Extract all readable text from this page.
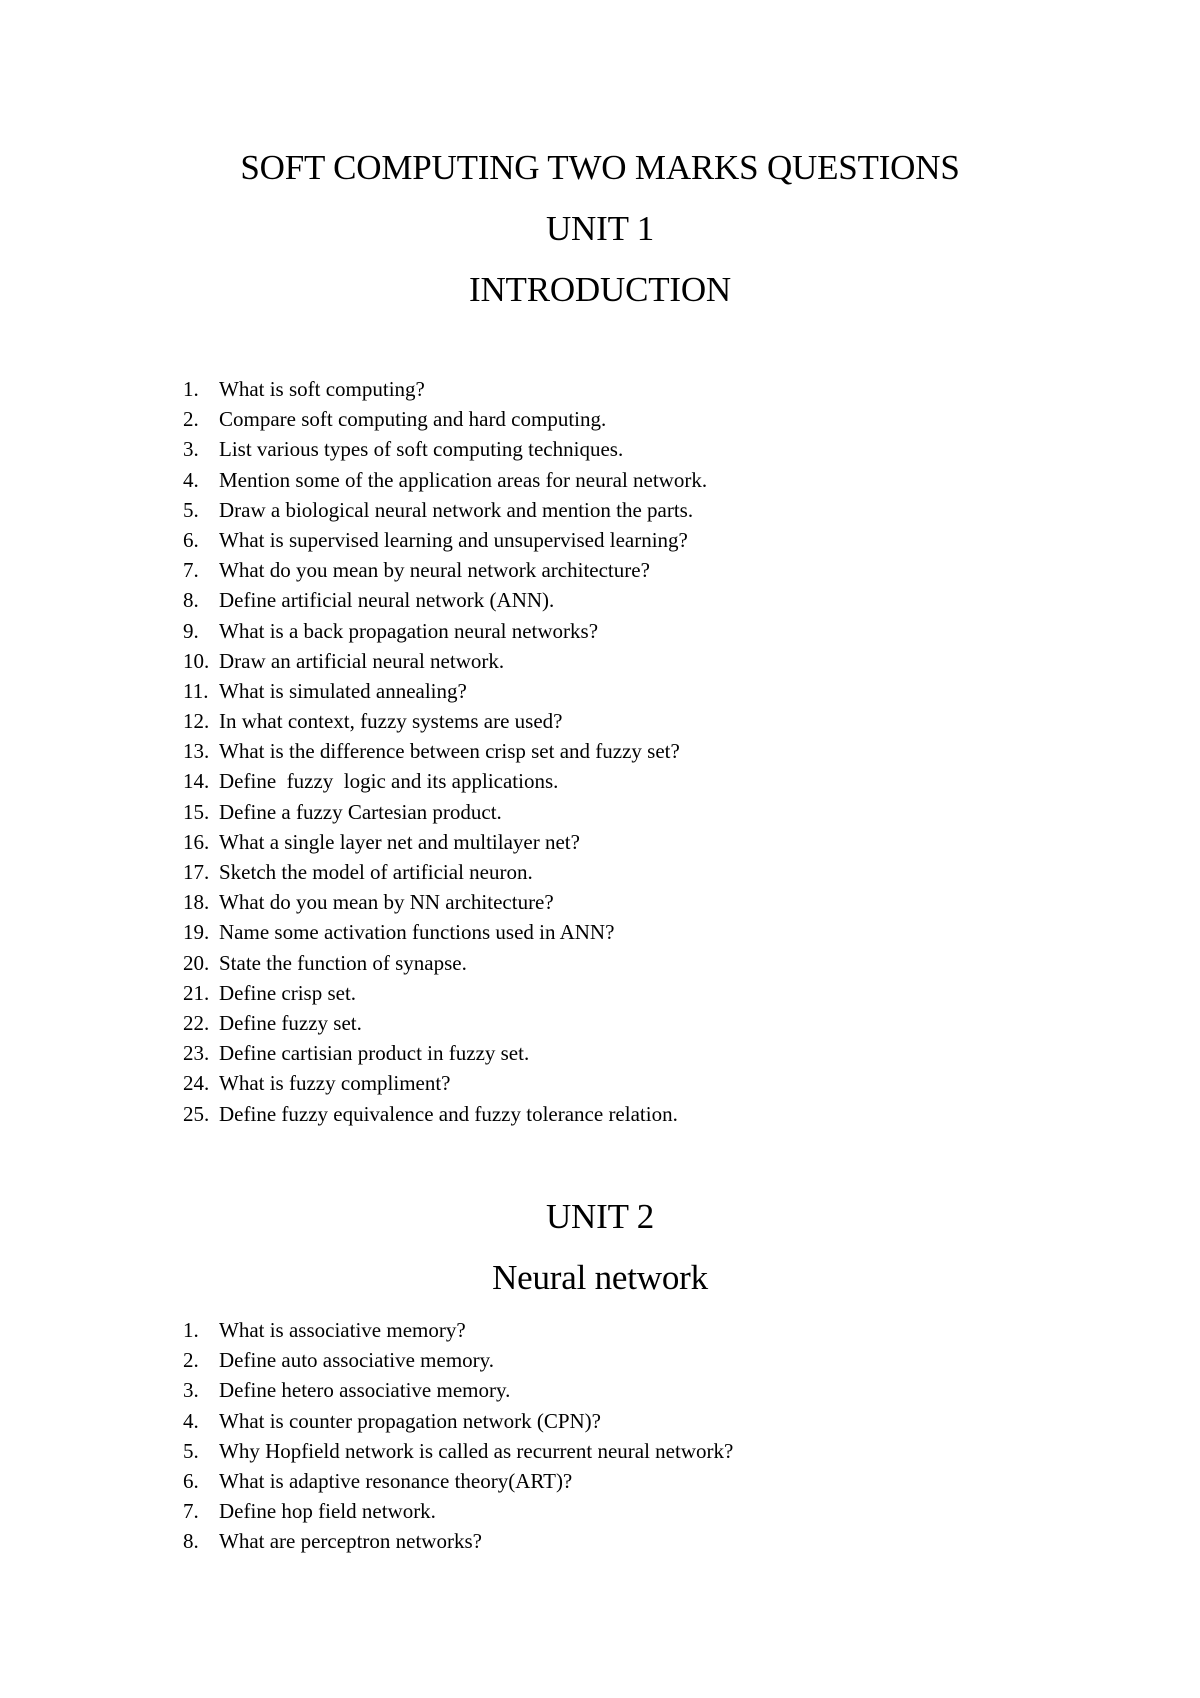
SOFT COMPUTING TWO MARKS QUESTIONS
UNIT 1
INTRODUCTION
1. What is soft computing?
2. Compare soft computing and hard computing.
3. List various types of soft computing techniques.
4. Mention some of the application areas for neural network.
5. Draw a biological neural network and mention the parts.
6. What is supervised learning and unsupervised learning?
7. What do you mean by neural network architecture?
8. Define artificial neural network (ANN).
9. What is a back propagation neural networks?
10. Draw an artificial neural network.
11. What is simulated annealing?
12. In what context, fuzzy systems are used?
13. What is the difference between crisp set and fuzzy set?
14. Define  fuzzy  logic and its applications.
15. Define a fuzzy Cartesian product.
16. What a single layer net and multilayer net?
17. Sketch the model of artificial neuron.
18. What do you mean by NN architecture?
19. Name some activation functions used in ANN?
20. State the function of synapse.
21. Define crisp set.
22. Define fuzzy set.
23. Define cartisian product in fuzzy set.
24. What is fuzzy compliment?
25. Define fuzzy equivalence and fuzzy tolerance relation.
UNIT 2
Neural network
1. What is associative memory?
2. Define auto associative memory.
3. Define hetero associative memory.
4. What is counter propagation network (CPN)?
5. Why Hopfield network is called as recurrent neural network?
6. What is adaptive resonance theory(ART)?
7. Define hop field network.
8. What are perceptron networks?
